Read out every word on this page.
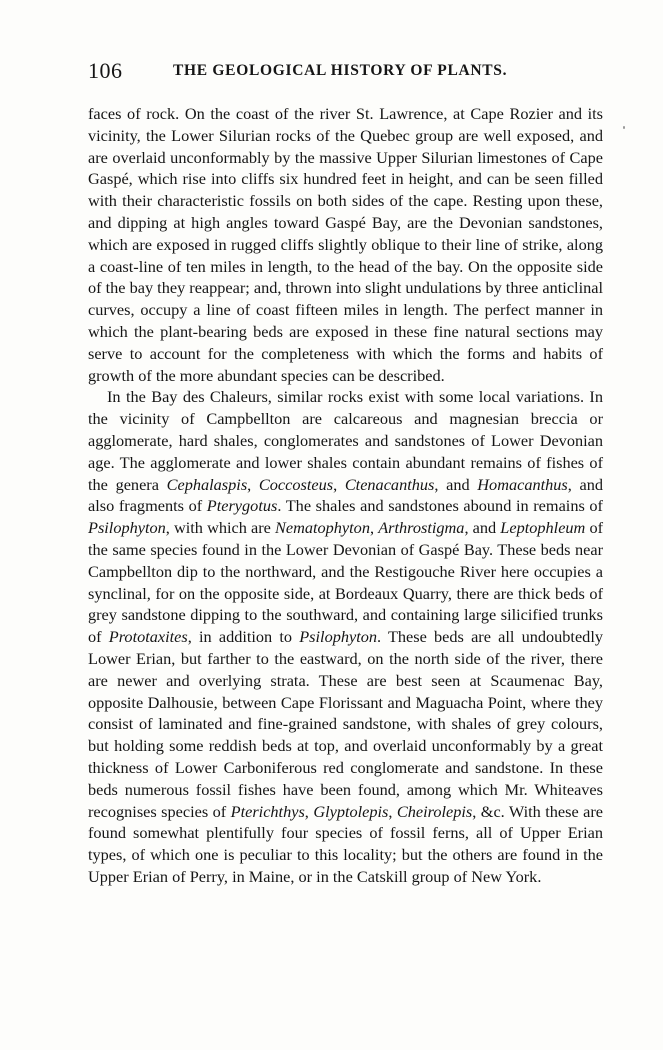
106	THE GEOLOGICAL HISTORY OF PLANTS.

faces of rock. On the coast of the river St. Lawrence, at Cape Rozier and its vicinity, the Lower Silurian rocks of the Quebec group are well exposed, and are overlaid unconformably by the massive Upper Silurian limestones of Cape Gaspé, which rise into cliffs six hundred feet in height, and can be seen filled with their characteristic fossils on both sides of the cape. Resting upon these, and dipping at high angles toward Gaspé Bay, are the Devonian sandstones, which are exposed in rugged cliffs slightly oblique to their line of strike, along a coast-line of ten miles in length, to the head of the bay. On the opposite side of the bay they reappear; and, thrown into slight undulations by three anticlinal curves, occupy a line of coast fifteen miles in length. The perfect manner in which the plant-bearing beds are exposed in these fine natural sections may serve to account for the completeness with which the forms and habits of growth of the more abundant species can be described.

In the Bay des Chaleurs, similar rocks exist with some local variations. In the vicinity of Campbellton are calcareous and magnesian breccia or agglomerate, hard shales, conglomerates and sandstones of Lower Devonian age. The agglomerate and lower shales contain abundant remains of fishes of the genera Cephalaspis, Coccosteus, Ctenacanthus, and Homacanthus, and also fragments of Pterygotus. The shales and sandstones abound in remains of Psilophyton, with which are Nematophyton, Arthrostigma, and Leptophleum of the same species found in the Lower Devonian of Gaspé Bay. These beds near Campbellton dip to the northward, and the Restigouche River here occupies a synclinal, for on the opposite side, at Bordeaux Quarry, there are thick beds of grey sandstone dipping to the southward, and containing large silicified trunks of Prototaxites, in addition to Psilophyton. These beds are all undoubtedly Lower Erian, but farther to the eastward, on the north side of the river, there are newer and overlying strata. These are best seen at Scaumenac Bay, opposite Dalhousie, between Cape Florissant and Maguacha Point, where they consist of laminated and fine-grained sandstone, with shales of grey colours, but holding some reddish beds at top, and overlaid unconformably by a great thickness of Lower Carboniferous red conglomerate and sandstone. In these beds numerous fossil fishes have been found, among which Mr. Whiteaves recognises species of Pterichthys, Glyptolepis, Cheirolepis, &c. With these are found somewhat plentifully four species of fossil ferns, all of Upper Erian types, of which one is peculiar to this locality; but the others are found in the Upper Erian of Perry, in Maine, or in the Catskill group of New York.
